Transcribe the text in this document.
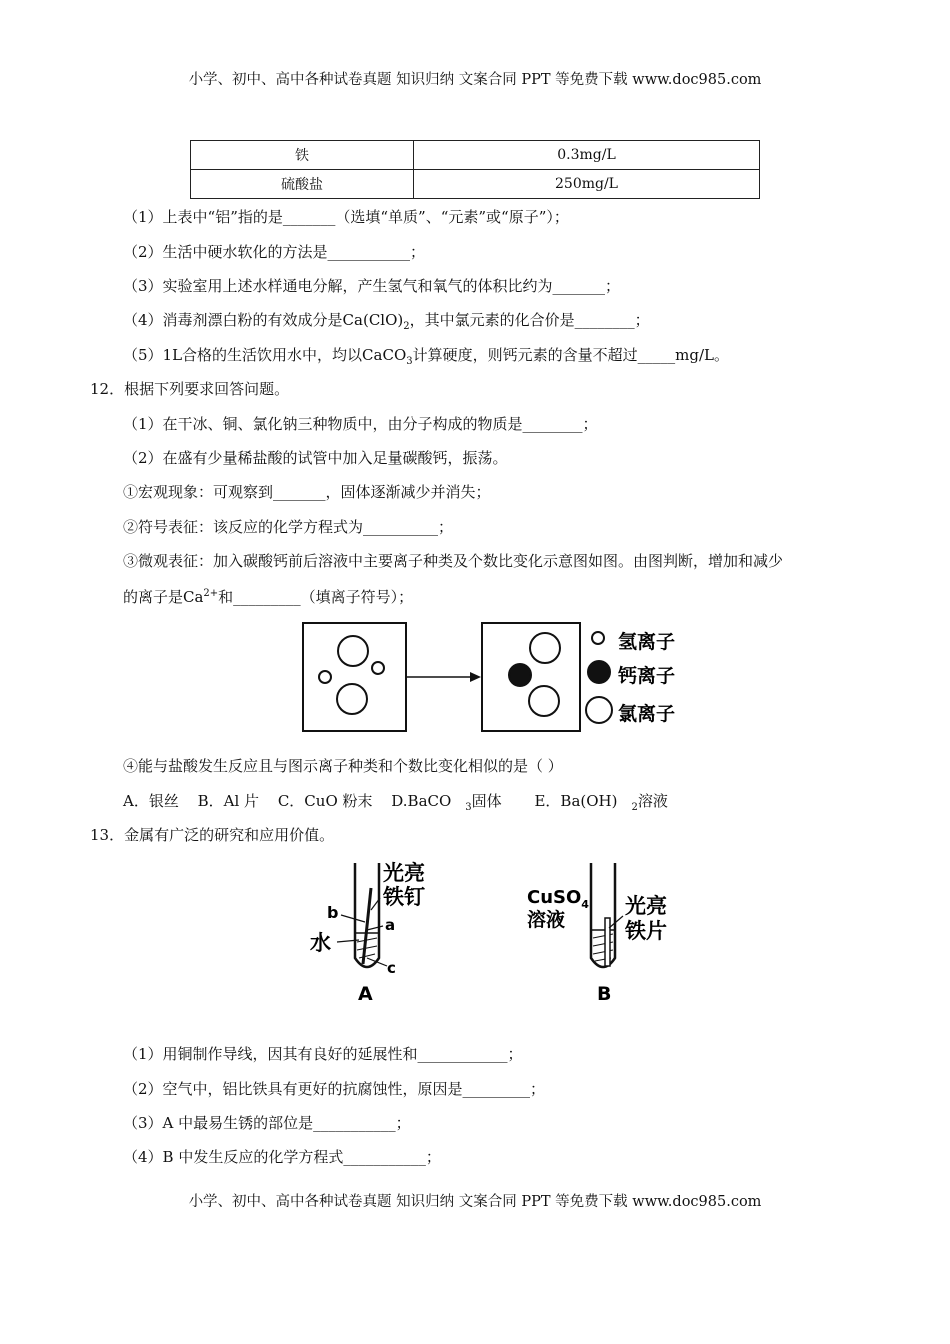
小学、初中、高中各种试卷真题 知识归纳 文案合同 PPT 等免费下载 www.doc985.com
铁	0.3mg/L
硫酸盐	250mg/L
（1）上表中“铝”指的是_______（选填“单质”、“元素”或“原子”）；
（2）生活中硬水软化的方法是___________；
（3）实验室用上述水样通电分解，产生氢气和氧气的体积比约为_______；
（4）消毒剂漂白粉的有效成分是$Ca(ClO)_2$，其中氯元素的化合价是________；
（5）1L合格的生活饮用水中，均以CaCO$_3$计算硬度，则钙元素的含量不超过_____mg/L。
12．根据下列要求回答问题。
（1）在干冰、铜、氯化钠三种物质中，由分子构成的物质是________；
（2）在盛有少量稀盐酸的试管中加入足量碳酸钙，振荡。
①宏观现象：可观察到_______，固体逐渐减少并消失；
②符号表征：该反应的化学方程式为__________；
③微观表征：加入碳酸钙前后溶液中主要离子种类及个数比变化示意图如图。由图判断，增加和减少
的离子是$Ca^{2+}$和_________（填离子符号）；
氢离子
钙离子
氯离子
④能与盐酸发生反应且与图示离子种类和个数比变化相似的是（ ）
A．银丝 B．Al 片 C．CuO 粉末 D.BaCO $_3$固体 E．Ba(OH) $_2$溶液
13．金属有广泛的研究和应用价值。
光亮
铁钉
b
a
水
c
A
CuSO$_4$
溶液
光亮
铁片
B
（1）用铜制作导线，因其有良好的延展性和____________；
（2）空气中，铝比铁具有更好的抗腐蚀性，原因是_________；
（3）A 中最易生锈的部位是___________；
（4）B 中发生反应的化学方程式___________；
小学、初中、高中各种试卷真题 知识归纳 文案合同 PPT 等免费下载 www.doc985.com
